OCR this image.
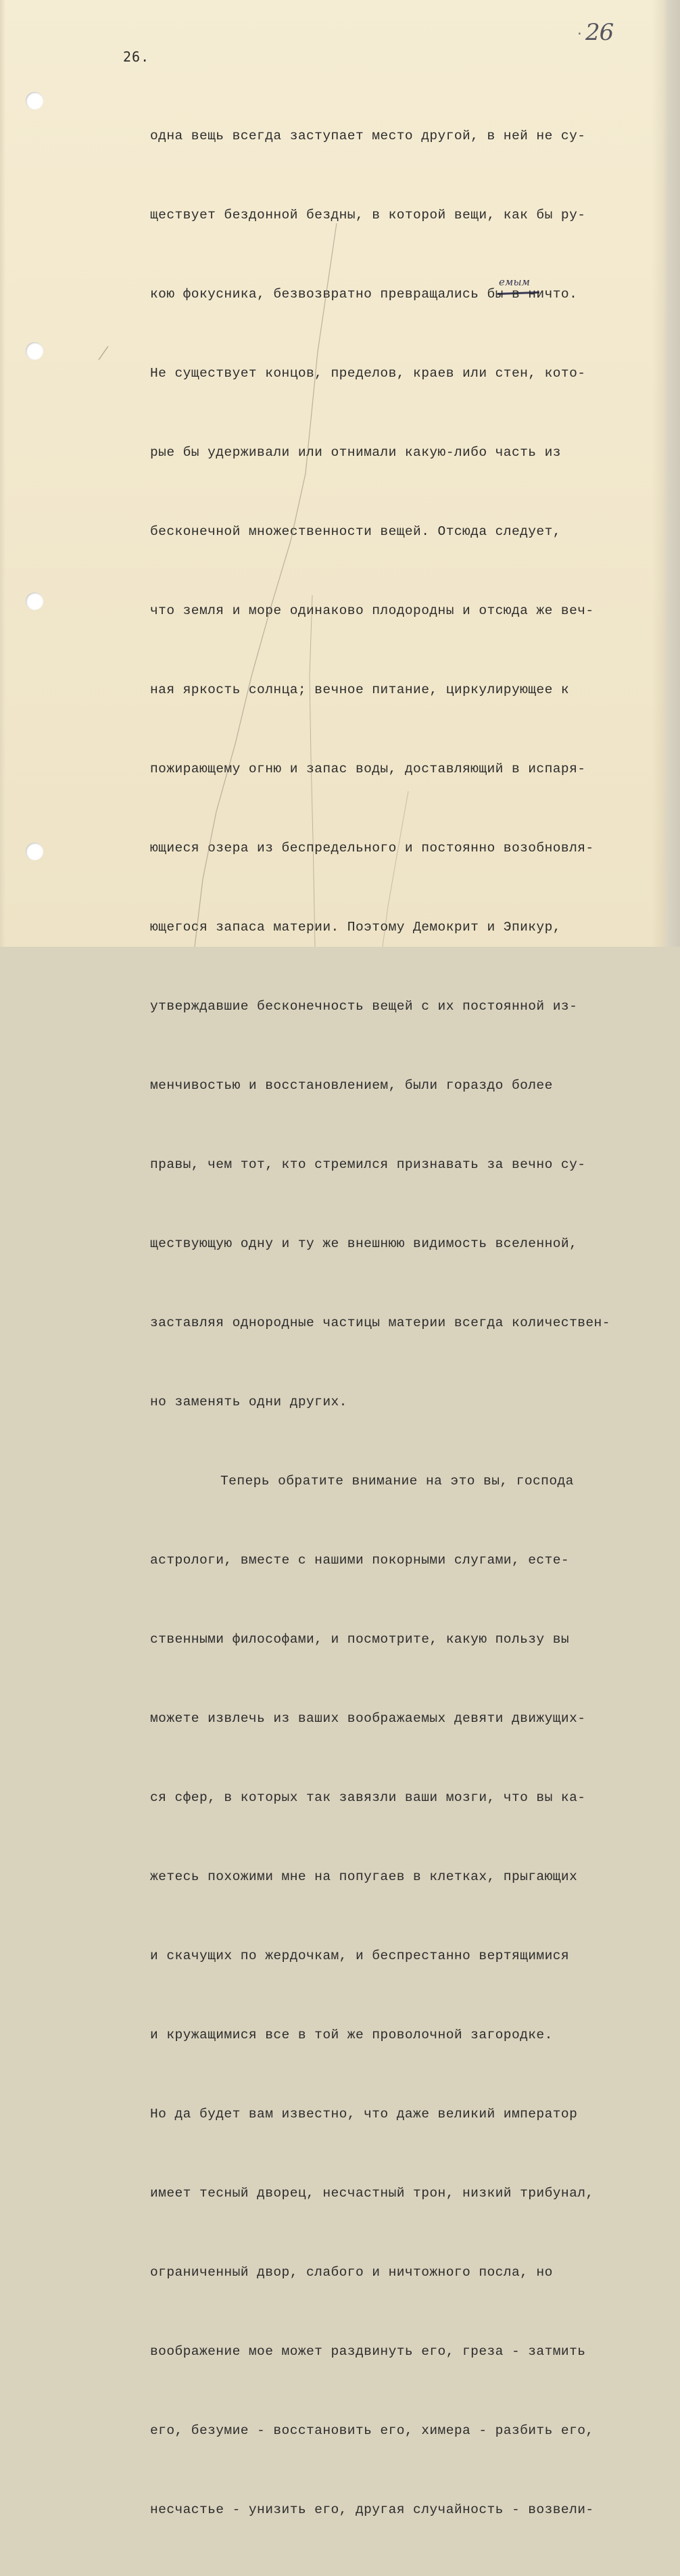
· 26
26.
емым

одна вещь всегда заступает место другой, в ней не су-

ществует бездонной бездны, в которой вещи, как бы ру-

кою фокусника, безвозвратно превращались бы в ничто.

Не существует концов, пределов, краев или стен, кото-

рые бы удерживали или отнимали какую-либо часть из

бесконечной множественности вещей. Отсюда следует,

что земля и море одинаково плодородны и отсюда же веч-

ная яркость солнца; вечное питание, циркулирующее к

пожирающему огню и запас воды, доставляющий в испаря-

ющиеся озера из беспредельного и постоянно возобновля-

ющегося запаса материи. Поэтому Демокрит и Эпикур,

утверждавшие бесконечность вещей с их постоянной из-

менчивостью и восстановлением, были гораздо более

правы, чем тот, кто стремился признавать за вечно су-

ществующую одну и ту же внешнюю видимость вселенной,

заставляя однородные частицы материи всегда количествен-

но заменять одни других.

Теперь обратите внимание на это вы, господа

астрологи, вместе с нашими покорными слугами, есте-

ственными философами, и посмотрите, какую пользу вы

можете извлечь из ваших воображаемых девяти движущих-

ся сфер, в которых так завязли ваши мозги, что вы ка-

жетесь похожими мне на попугаев в клетках, прыгающих

и скачущих по жердочкам, и беспрестанно вертящимися

и кружащимися все в той же проволочной загородке.

Но да будет вам известно, что даже великий император

имеет тесный дворец, несчастный трон, низкий трибунал,

ограниченный двор, слабого и ничтожного посла, но

воображение мое может раздвинуть его, греза - затмить

его, безумие - восстановить его, химера - разбить его,

несчастье - унизить его, другая случайность - возвели-
